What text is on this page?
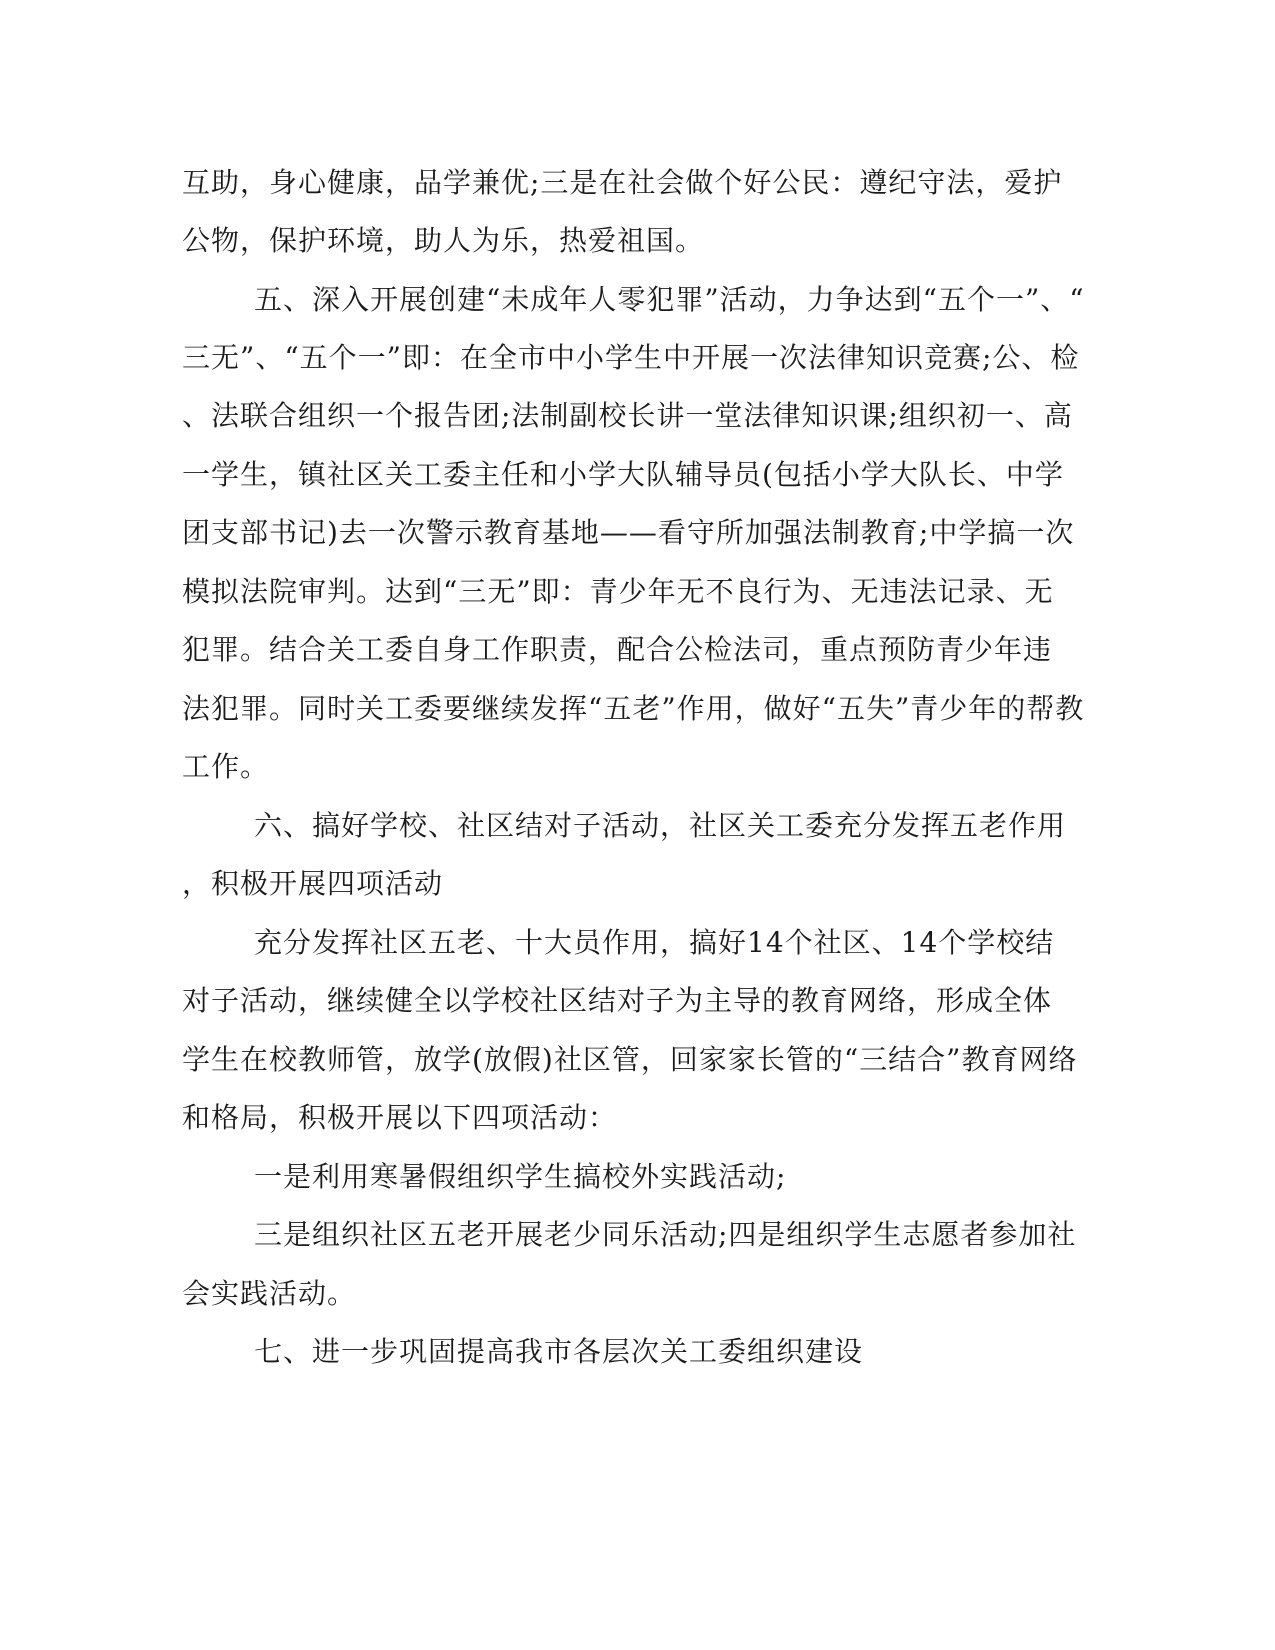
互助，身心健康，品学兼优;三是在社会做个好公民：遵纪守法，爱护
公物，保护环境，助人为乐，热爱祖国。
五、深入开展创建“未成年人零犯罪”活动，力争达到“五个一”、“
三无”、“五个一”即：在全市中小学生中开展一次法律知识竞赛;公、检
、法联合组织一个报告团;法制副校长讲一堂法律知识课;组织初一、高
一学生，镇社区关工委主任和小学大队辅导员(包括小学大队长、中学
团支部书记)去一次警示教育基地——看守所加强法制教育;中学搞一次
模拟法院审判。达到“三无”即：青少年无不良行为、无违法记录、无
犯罪。结合关工委自身工作职责，配合公检法司，重点预防青少年违
法犯罪。同时关工委要继续发挥“五老”作用，做好“五失”青少年的帮教
工作。
六、搞好学校、社区结对子活动，社区关工委充分发挥五老作用
，积极开展四项活动
充分发挥社区五老、十大员作用，搞好14个社区、14个学校结
对子活动，继续健全以学校社区结对子为主导的教育网络，形成全体
学生在校教师管，放学(放假)社区管，回家家长管的“三结合”教育网络
和格局，积极开展以下四项活动：
一是利用寒暑假组织学生搞校外实践活动;
三是组织社区五老开展老少同乐活动;四是组织学生志愿者参加社
会实践活动。
七、进一步巩固提高我市各层次关工委组织建设
